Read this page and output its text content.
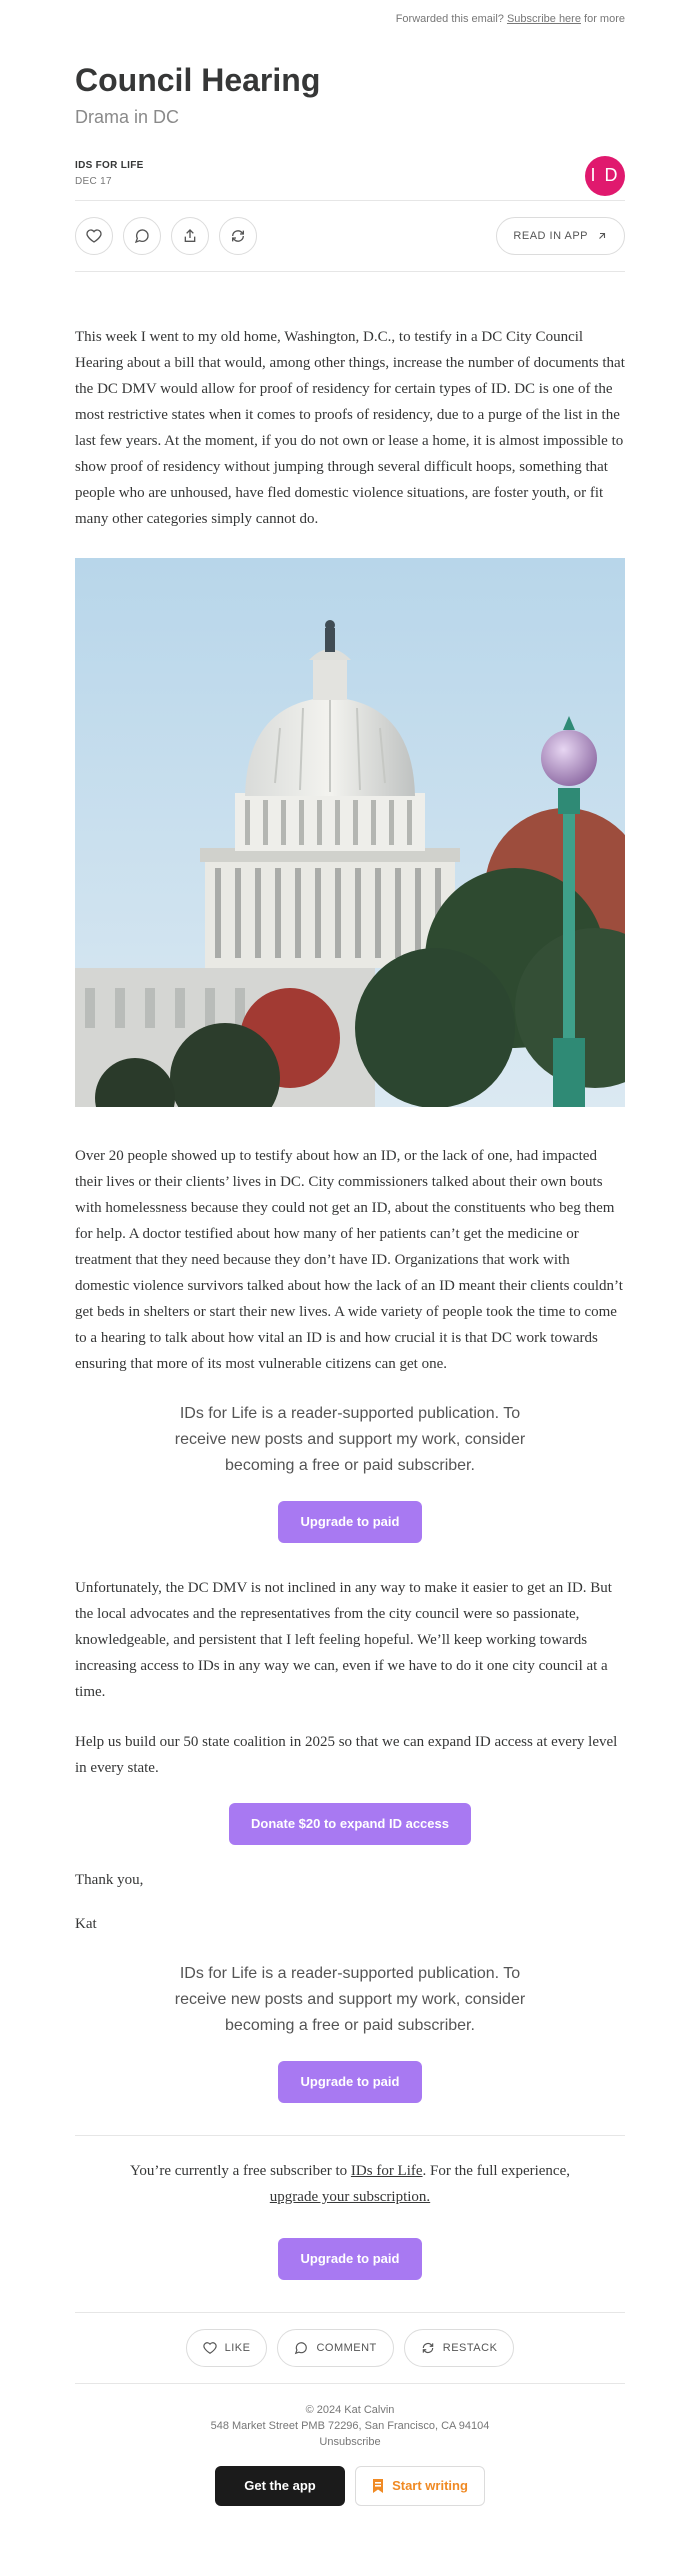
Forwarded this email? Subscribe here for more
Council Hearing
Drama in DC
IDS FOR LIFE
DEC 17	I D
READ IN APP

This week I went to my old home, Washington, D.C., to testify in a DC City Council Hearing about a bill that would, among other things, increase the number of documents that the DC DMV would allow for proof of residency for certain types of ID. DC is one of the most restrictive states when it comes to proofs of residency, due to a purge of the list in the last few years. At the moment, if you do not own or lease a home, it is almost impossible to show proof of residency without jumping through several difficult hoops, something that people who are unhoused, have fled domestic violence situations, are foster youth, or fit many other categories simply cannot do.

Over 20 people showed up to testify about how an ID, or the lack of one, had impacted their lives or their clients’ lives in DC. City commissioners talked about their own bouts with homelessness because they could not get an ID, about the constituents who beg them for help. A doctor testified about how many of her patients can’t get the medicine or treatment that they need because they don’t have ID. Organizations that work with domestic violence survivors talked about how the lack of an ID meant their clients couldn’t get beds in shelters or start their new lives. A wide variety of people took the time to come to a hearing to talk about how vital an ID is and how crucial it is that DC work towards ensuring that more of its most vulnerable citizens can get one.

IDs for Life is a reader-supported publication. To receive new posts and support my work, consider becoming a free or paid subscriber.

Upgrade to paid

Unfortunately, the DC DMV is not inclined in any way to make it easier to get an ID. But the local advocates and the representatives from the city council were so passionate, knowledgeable, and persistent that I left feeling hopeful. We’ll keep working towards increasing access to IDs in any way we can, even if we have to do it one city council at a time.

Help us build our 50 state coalition in 2025 so that we can expand ID access at every level in every state.

Donate $20 to expand ID access

Thank you,

Kat

IDs for Life is a reader-supported publication. To receive new posts and support my work, consider becoming a free or paid subscriber.

Upgrade to paid
You’re currently a free subscriber to IDs for Life. For the full experience,
upgrade your subscription.
Upgrade to paid
LIKE	COMMENT	RESTACK
© 2024 Kat Calvin
548 Market Street PMB 72296, San Francisco, CA 94104
Unsubscribe
Get the app	Start writing
